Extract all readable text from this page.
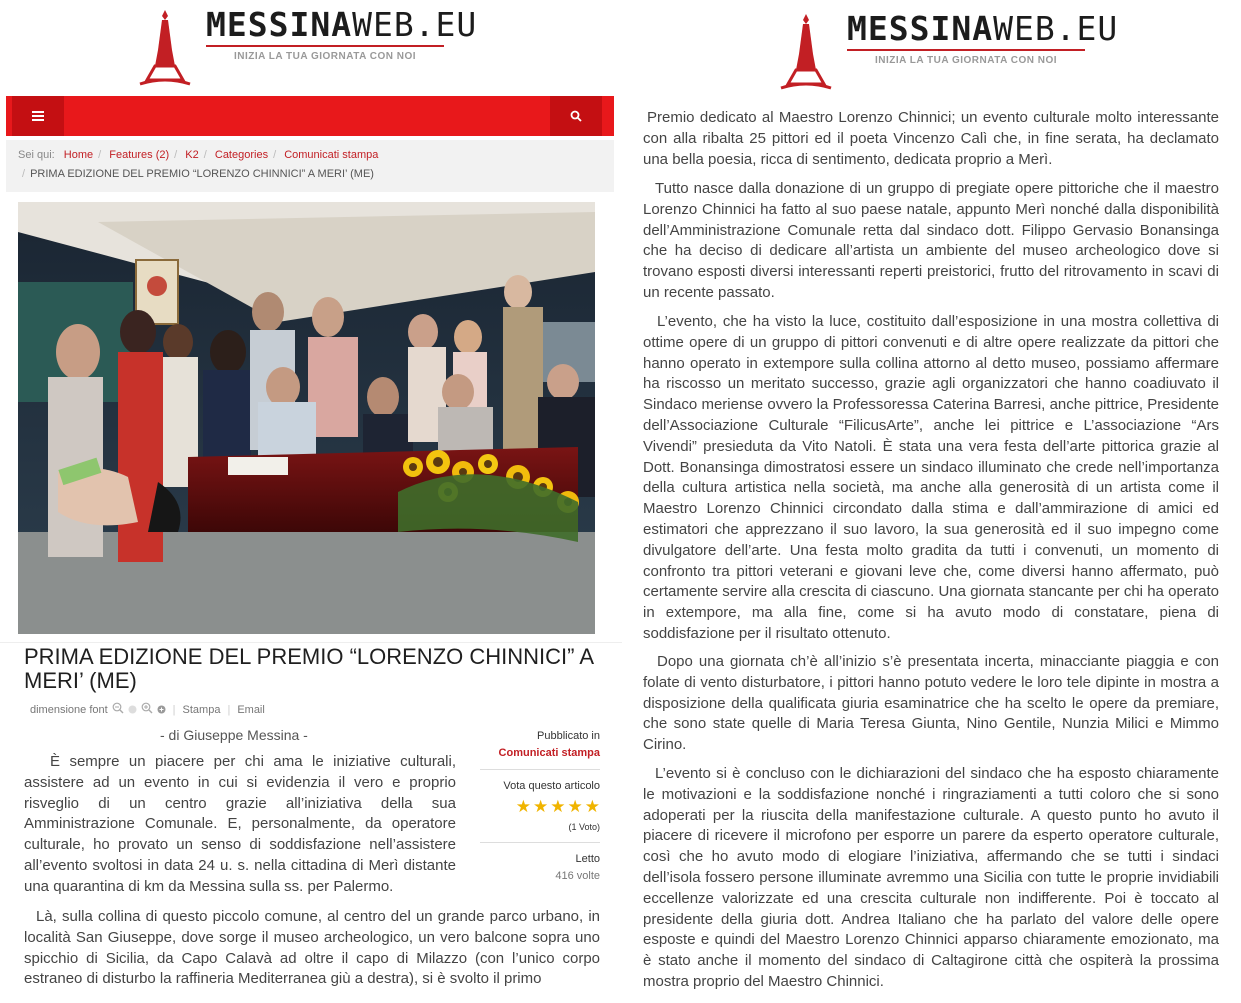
MESSINAWEB.EU
INIZIA LA TUA GIORNATA CON NOI
Sei qui: Home / Features (2) / K2 / Categories / Comunicati stampa
/ PRIMA EDIZIONE DEL PREMIO “LORENZO CHINNICI” A MERI’ (ME)
PRIMA EDIZIONE DEL PREMIO “LORENZO CHINNICI” A MERI’ (ME)
dimensione font	| Stampa | Email
- di Giuseppe Messina -

È sempre un piacere per chi ama le iniziative culturali, assistere ad un evento in cui si evidenzia il vero e proprio risveglio di un centro grazie all’iniziativa della sua Amministrazione Comunale. E, personalmente, da operatore culturale, ho provato un senso di soddisfazione nell’assistere all’evento svoltosi in data 24 u. s. nella cittadina di Merì distante una quarantina di km da Messina sulla ss. per Palermo.

Là, sulla collina di questo piccolo comune, al centro del un grande parco urbano, in località San Giuseppe, dove sorge il museo archeologico, un vero balcone sopra uno spicchio di Sicilia, da Capo Calavà ad oltre il capo di Milazzo (con l’unico corpo estraneo di disturbo la raffineria Mediterranea giù a destra), si è svolto il primo

Pubblicato in
Comunicati stampa
Vota questo articolo
★ ★ ★ ★ ★
(1 Voto)
Letto
416 volte
MESSINAWEB.EU
INIZIA LA TUA GIORNATA CON NOI

Premio dedicato al Maestro Lorenzo Chinnici; un evento culturale molto interessante con alla ribalta 25 pittori ed il poeta Vincenzo Calì che, in fine serata, ha declamato una bella poesia, ricca di sentimento, dedicata proprio a Merì.

Tutto nasce dalla donazione di un gruppo di pregiate opere pittoriche che il maestro Lorenzo Chinnici ha fatto al suo paese natale, appunto Merì nonché dalla disponibilità dell’Amministrazione Comunale retta dal sindaco dott. Filippo Gervasio Bonansinga che ha deciso di dedicare all’artista un ambiente del museo archeologico dove si trovano esposti diversi interessanti reperti preistorici, frutto del ritrovamento in scavi di un recente passato.

L’evento, che ha visto la luce, costituito dall’esposizione in una mostra collettiva di ottime opere di un gruppo di pittori convenuti e di altre opere realizzate da pittori che hanno operato in extempore sulla collina attorno al detto museo, possiamo affermare ha riscosso un meritato successo, grazie agli organizzatori che hanno coadiuvato il Sindaco meriense ovvero la Professoressa Caterina Barresi, anche pittrice, Presidente dell’Associazione Culturale “FilicusArte”, anche lei pittrice e L’associazione “Ars Vivendi” presieduta da Vito Natoli. È stata una vera festa dell’arte pittorica grazie al Dott. Bonansinga dimostratosi essere un sindaco illuminato che crede nell’importanza della cultura artistica nella società, ma anche alla generosità di un artista come il Maestro Lorenzo Chinnici circondato dalla stima e dall’ammirazione di amici ed estimatori che apprezzano il suo lavoro, la sua generosità ed il suo impegno come divulgatore dell’arte. Una festa molto gradita da tutti i convenuti, un momento di confronto tra pittori veterani e giovani leve che, come diversi hanno affermato, può certamente servire alla crescita di ciascuno. Una giornata stancante per chi ha operato in extempore, ma alla fine, come si ha avuto modo di constatare, piena di soddisfazione per il risultato ottenuto.

Dopo una giornata ch’è all’inizio s’è presentata incerta, minacciante piaggia e con folate di vento disturbatore, i pittori hanno potuto vedere le loro tele dipinte in mostra a disposizione della qualificata giuria esaminatrice che ha scelto le opere da premiare, che sono state quelle di Maria Teresa Giunta, Nino Gentile, Nunzia Milici e Mimmo Cirino.

L’evento si è concluso con le dichiarazioni del sindaco che ha esposto chiaramente le motivazioni e la soddisfazione nonché i ringraziamenti a tutti coloro che si sono adoperati per la riuscita della manifestazione culturale. A questo punto ho avuto il piacere di ricevere il microfono per esporre un parere da esperto operatore culturale, così che ho avuto modo di elogiare l’iniziativa, affermando che se tutti i sindaci dell’isola fossero persone illuminate avremmo una Sicilia con tutte le proprie invidiabili eccellenze valorizzate ed una crescita culturale non indifferente. Poi è toccato al presidente della giuria dott. Andrea Italiano che ha parlato del valore delle opere esposte e quindi del Maestro Lorenzo Chinnici apparso chiaramente emozionato, ma è stato anche il momento del sindaco di Caltagirone città che ospiterà la prossima mostra proprio del Maestro Chinnici.
